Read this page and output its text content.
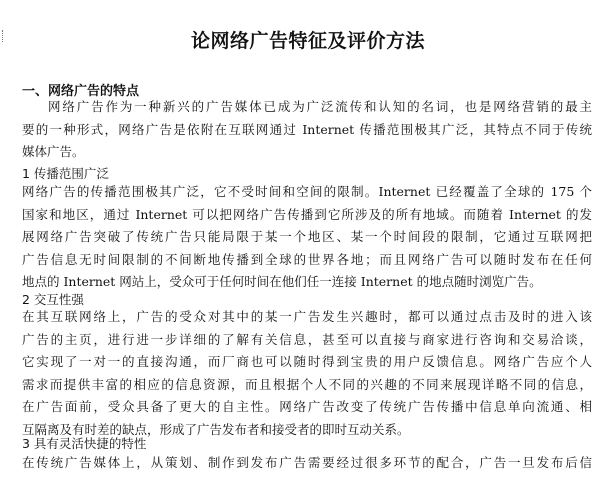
论网络广告特征及评价方法
一、网络广告的特点
网络广告作为一种新兴的广告媒体已成为广泛流传和认知的名词，也是网络营销的最主
要的一种形式，网络广告是依附在互联网通过 Internet 传播范围极其广泛，其特点不同于传统
媒体广告。
1 传播范围广泛
网络广告的传播范围极其广泛，它不受时间和空间的限制。Internet 已经覆盖了全球的 175 个
国家和地区，通过 Internet 可以把网络广告传播到它所涉及的所有地域。而随着 Internet 的发
展网络广告突破了传统广告只能局限于某一个地区、某一个时间段的限制，它通过互联网把
广告信息无时间限制的不间断地传播到全球的世界各地；而且网络广告可以随时发布在任何
地点的 Internet 网站上，受众可于任何时间在他们任一连接 Internet 的地点随时浏览广告。
2 交互性强
在其互联网络上，广告的受众对其中的某一广告发生兴趣时，都可以通过点击及时的进入该
广告的主页，进行进一步详细的了解有关信息，甚至可以直接与商家进行咨询和交易洽谈，
它实现了一对一的直接沟通，而厂商也可以随时得到宝贵的用户反馈信息。网络广告应个人
需求而提供丰富的相应的信息资源，而且根据个人不同的兴趣的不同来展现详略不同的信息，
在广告面前，受众具备了更大的自主性。网络广告改变了传统广告传播中信息单向流通、相
互隔离及有时差的缺点，形成了广告发布者和接受者的即时互动关系。
3 具有灵活快捷的特性
在传统广告媒体上，从策划、制作到发布广告需要经过很多环节的配合，广告一旦发布后信
